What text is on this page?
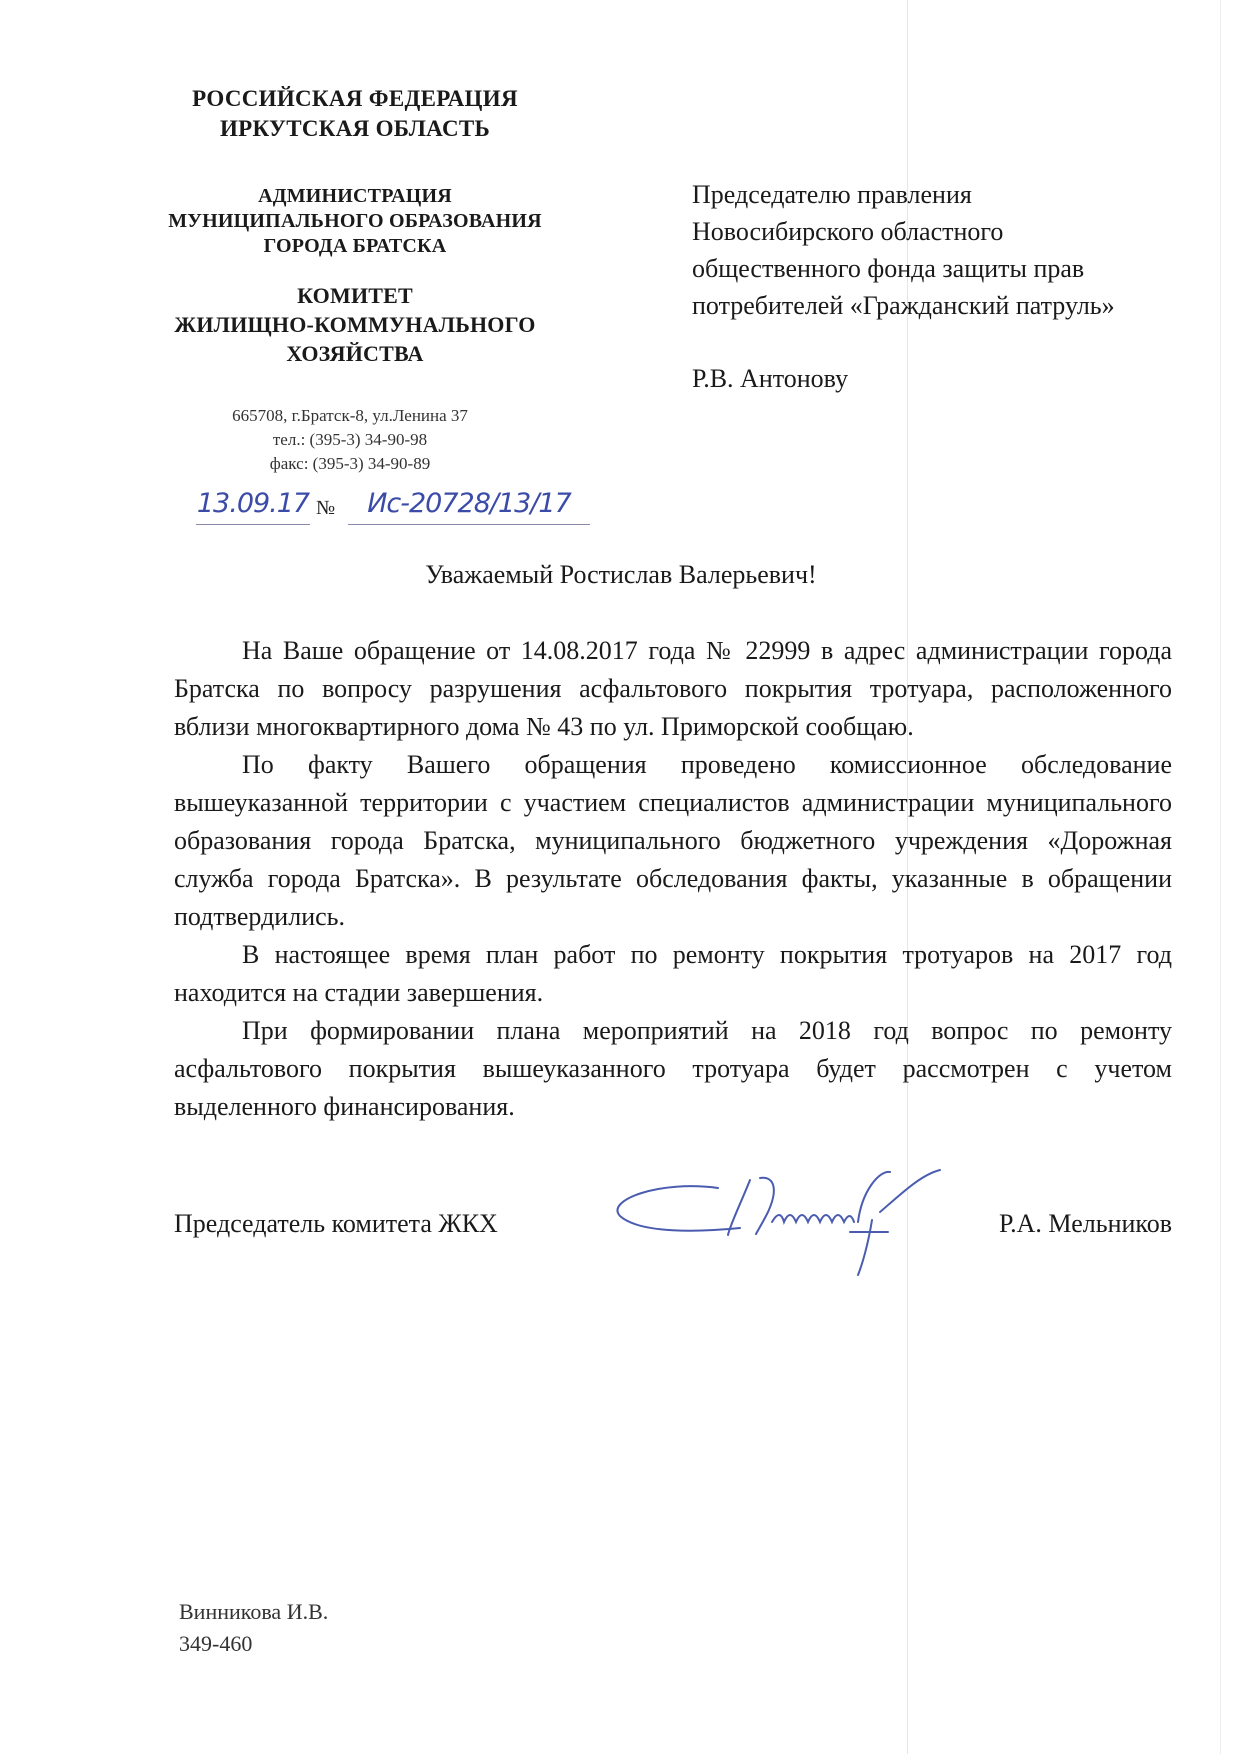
РОССИЙСКАЯ ФЕДЕРАЦИЯ

ИРКУТСКАЯ ОБЛАСТЬ

АДМИНИСТРАЦИЯ

МУНИЦИПАЛЬНОГО ОБРАЗОВАНИЯ

ГОРОДА БРАТСКА

КОМИТЕТ

ЖИЛИЩНО-КОММУНАЛЬНОГО

ХОЗЯЙСТВА

665708, г.Братск-8, ул.Ленина 37
тел.: (395-3) 34-90-98
факс: (395-3) 34-90-89
13.09.17 №	Ис-20728/13/17
Председателю правления
Новосибирского областного
общественного фонда защиты прав
потребителей «Гражданский патруль»
Р.В. Антонову
Уважаемый Ростислав Валерьевич!

На Ваше обращение от 14.08.2017 года № 22999 в адрес администрации города Братска по вопросу разрушения асфальтового покрытия тротуара, расположенного вблизи многоквартирного дома № 43 по ул. Приморской сообщаю.

По факту Вашего обращения проведено комиссионное обследование вышеуказанной территории с участием специалистов администрации муниципального образования города Братска, муниципального бюджетного учреждения «Дорожная служба города Братска». В результате обследования факты, указанные в обращении подтвердились.

В настоящее время план работ по ремонту покрытия тротуаров на 2017 год находится на стадии завершения.

При формировании плана мероприятий на 2018 год вопрос по ремонту асфальтового покрытия вышеуказанного тротуара будет рассмотрен с учетом выделенного финансирования.

Председатель комитета ЖКХ	Р.А. Мельников
Винникова И.В.
349-460
